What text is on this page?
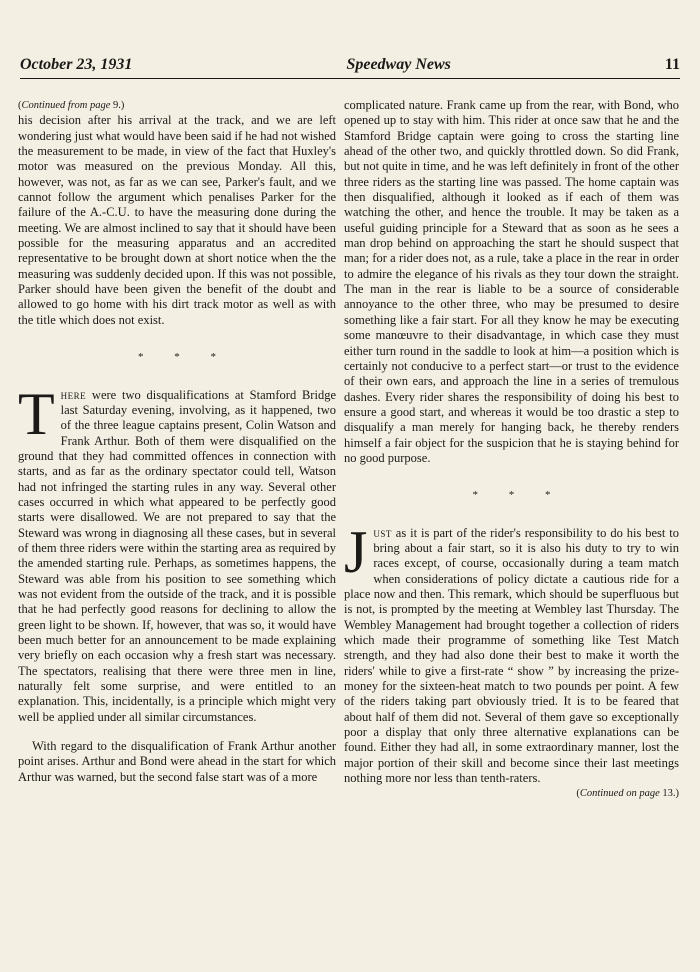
October 23, 1931	Speedway News	11

(Continued from page 9.)

his decision after his arrival at the track, and we are left wondering just what would have been said if he had not wished the measurement to be made, in view of the fact that Huxley's motor was measured on the previous Monday. All this, however, was not, as far as we can see, Parker's fault, and we cannot follow the argument which penalises Parker for the failure of the A.-C.U. to have the measuring done during the meeting. We are almost inclined to say that it should have been possible for the measuring apparatus and an accredited representative to be brought down at short notice when the the measuring was suddenly decided upon. If this was not possible, Parker should have been given the benefit of the doubt and allowed to go home with his dirt track motor as well as with the title which does not exist.

* * *

There were two disqualifications at Stamford Bridge last Saturday evening, involving, as it happened, two of the three league captains present, Colin Watson and Frank Arthur. Both of them were disqualified on the ground that they had committed offences in connection with starts, and as far as the ordinary spectator could tell, Watson had not infringed the starting rules in any way. Several other cases occurred in which what appeared to be perfectly good starts were disallowed. We are not prepared to say that the Steward was wrong in diagnosing all these cases, but in several of them three riders were within the starting area as required by the amended starting rule. Perhaps, as sometimes happens, the Steward was able from his position to see something which was not evident from the outside of the track, and it is possible that he had perfectly good reasons for declining to allow the green light to be shown. If, however, that was so, it would have been much better for an announcement to be made explaining very briefly on each occasion why a fresh start was necessary. The spectators, realising that there were three men in line, naturally felt some surprise, and were entitled to an explanation. This, incidentally, is a principle which might very well be applied under all similar circumstances.

With regard to the disqualification of Frank Arthur another point arises. Arthur and Bond were ahead in the start for which Arthur was warned, but the second false start was of a more

complicated nature. Frank came up from the rear, with Bond, who opened up to stay with him. This rider at once saw that he and the Stamford Bridge captain were going to cross the starting line ahead of the other two, and quickly throttled down. So did Frank, but not quite in time, and he was left definitely in front of the other three riders as the starting line was passed. The home captain was then disqualified, although it looked as if each of them was watching the other, and hence the trouble. It may be taken as a useful guiding principle for a Steward that as soon as he sees a man drop behind on approaching the start he should suspect that man; for a rider does not, as a rule, take a place in the rear in order to admire the elegance of his rivals as they tour down the straight. The man in the rear is liable to be a source of considerable annoyance to the other three, who may be presumed to desire something like a fair start. For all they know he may be executing some manœuvre to their disadvantage, in which case they must either turn round in the saddle to look at him—a position which is certainly not conducive to a perfect start—or trust to the evidence of their own ears, and approach the line in a series of tremulous dashes. Every rider shares the responsibility of doing his best to ensure a good start, and whereas it would be too drastic a step to disqualify a man merely for hanging back, he thereby renders himself a fair object for the suspicion that he is staying behind for no good purpose.

* * *

Just as it is part of the rider's responsibility to do his best to bring about a fair start, so it is also his duty to try to win races except, of course, occasionally during a team match when considerations of policy dictate a cautious ride for a place now and then. This remark, which should be superfluous but is not, is prompted by the meeting at Wembley last Thursday. The Wembley Management had brought together a collection of riders which made their programme of something like Test Match strength, and they had also done their best to make it worth the riders' while to give a first-rate “ show ” by increasing the prize-money for the sixteen-heat match to two pounds per point. A few of the riders taking part obviously tried. It is to be feared that about half of them did not. Several of them gave so exceptionally poor a display that only three alternative explanations can be found. Either they had all, in some extraordinary manner, lost the major portion of their skill and become since their last meetings nothing more nor less than tenth-raters.

(Continued on page 13.)
